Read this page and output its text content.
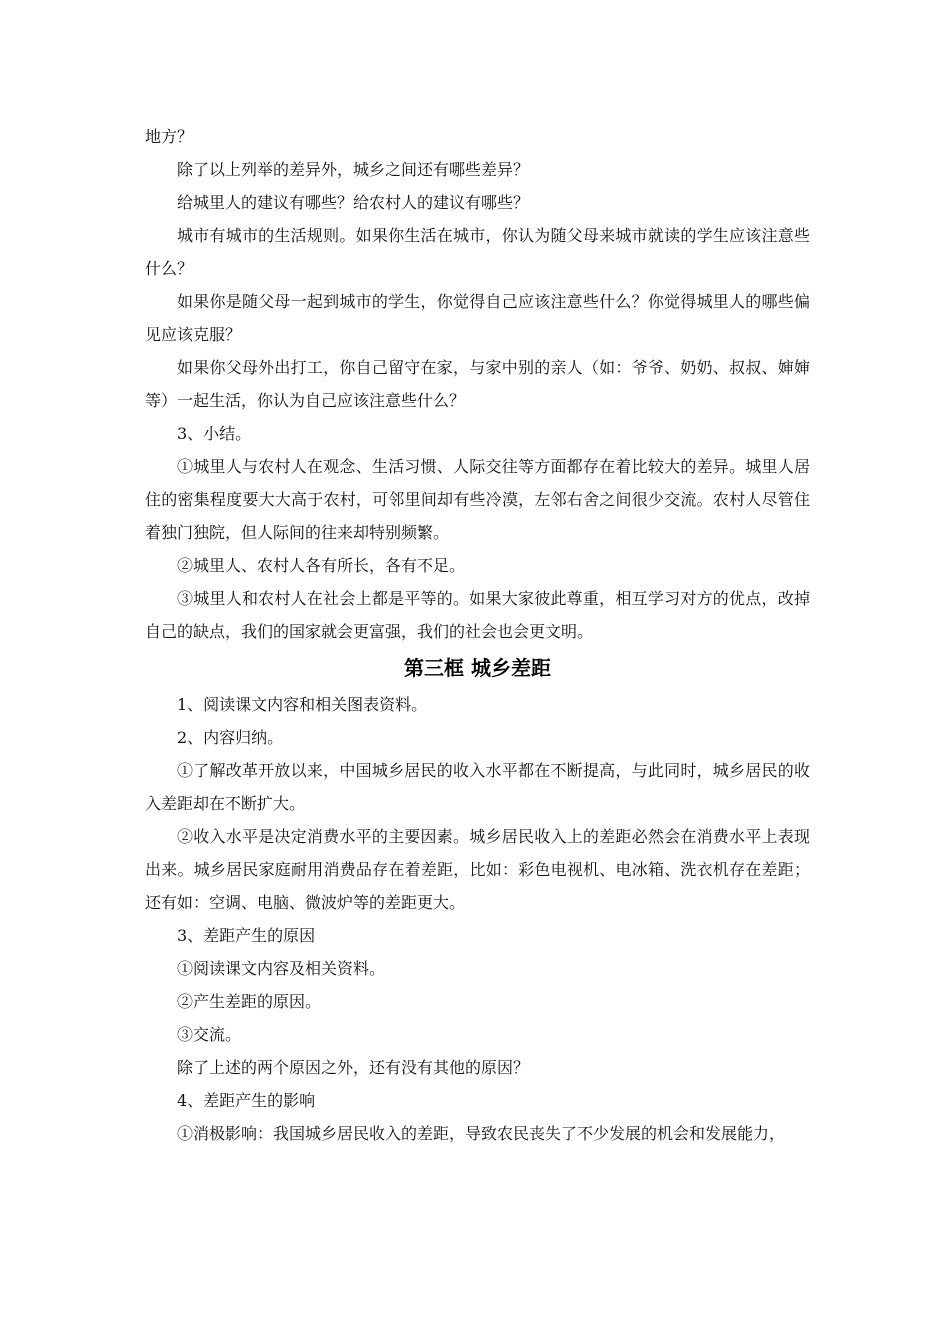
地方？

除了以上列举的差异外，城乡之间还有哪些差异？

给城里人的建议有哪些？给农村人的建议有哪些？

城市有城市的生活规则。如果你生活在城市，你认为随父母来城市就读的学生应该注意些什么？

如果你是随父母一起到城市的学生，你觉得自己应该注意些什么？你觉得城里人的哪些偏见应该克服？

如果你父母外出打工，你自己留守在家，与家中别的亲人（如：爷爷、奶奶、叔叔、婶婶等）一起生活，你认为自己应该注意些什么？

3、小结。

①城里人与农村人在观念、生活习惯、人际交往等方面都存在着比较大的差异。城里人居住的密集程度要大大高于农村，可邻里间却有些冷漠，左邻右舍之间很少交流。农村人尽管住着独门独院，但人际间的往来却特别频繁。

②城里人、农村人各有所长，各有不足。

③城里人和农村人在社会上都是平等的。如果大家彼此尊重，相互学习对方的优点，改掉自己的缺点，我们的国家就会更富强，我们的社会也会更文明。

第三框 城乡差距

1、阅读课文内容和相关图表资料。

2、内容归纳。

①了解改革开放以来，中国城乡居民的收入水平都在不断提高，与此同时，城乡居民的收入差距却在不断扩大。

②收入水平是决定消费水平的主要因素。城乡居民收入上的差距必然会在消费水平上表现出来。城乡居民家庭耐用消费品存在着差距，比如：彩色电视机、电冰箱、洗衣机存在差距；还有如：空调、电脑、微波炉等的差距更大。

3、差距产生的原因

①阅读课文内容及相关资料。

②产生差距的原因。

③交流。

除了上述的两个原因之外，还有没有其他的原因？

4、差距产生的影响

①消极影响：我国城乡居民收入的差距，导致农民丧失了不少发展的机会和发展能力，
